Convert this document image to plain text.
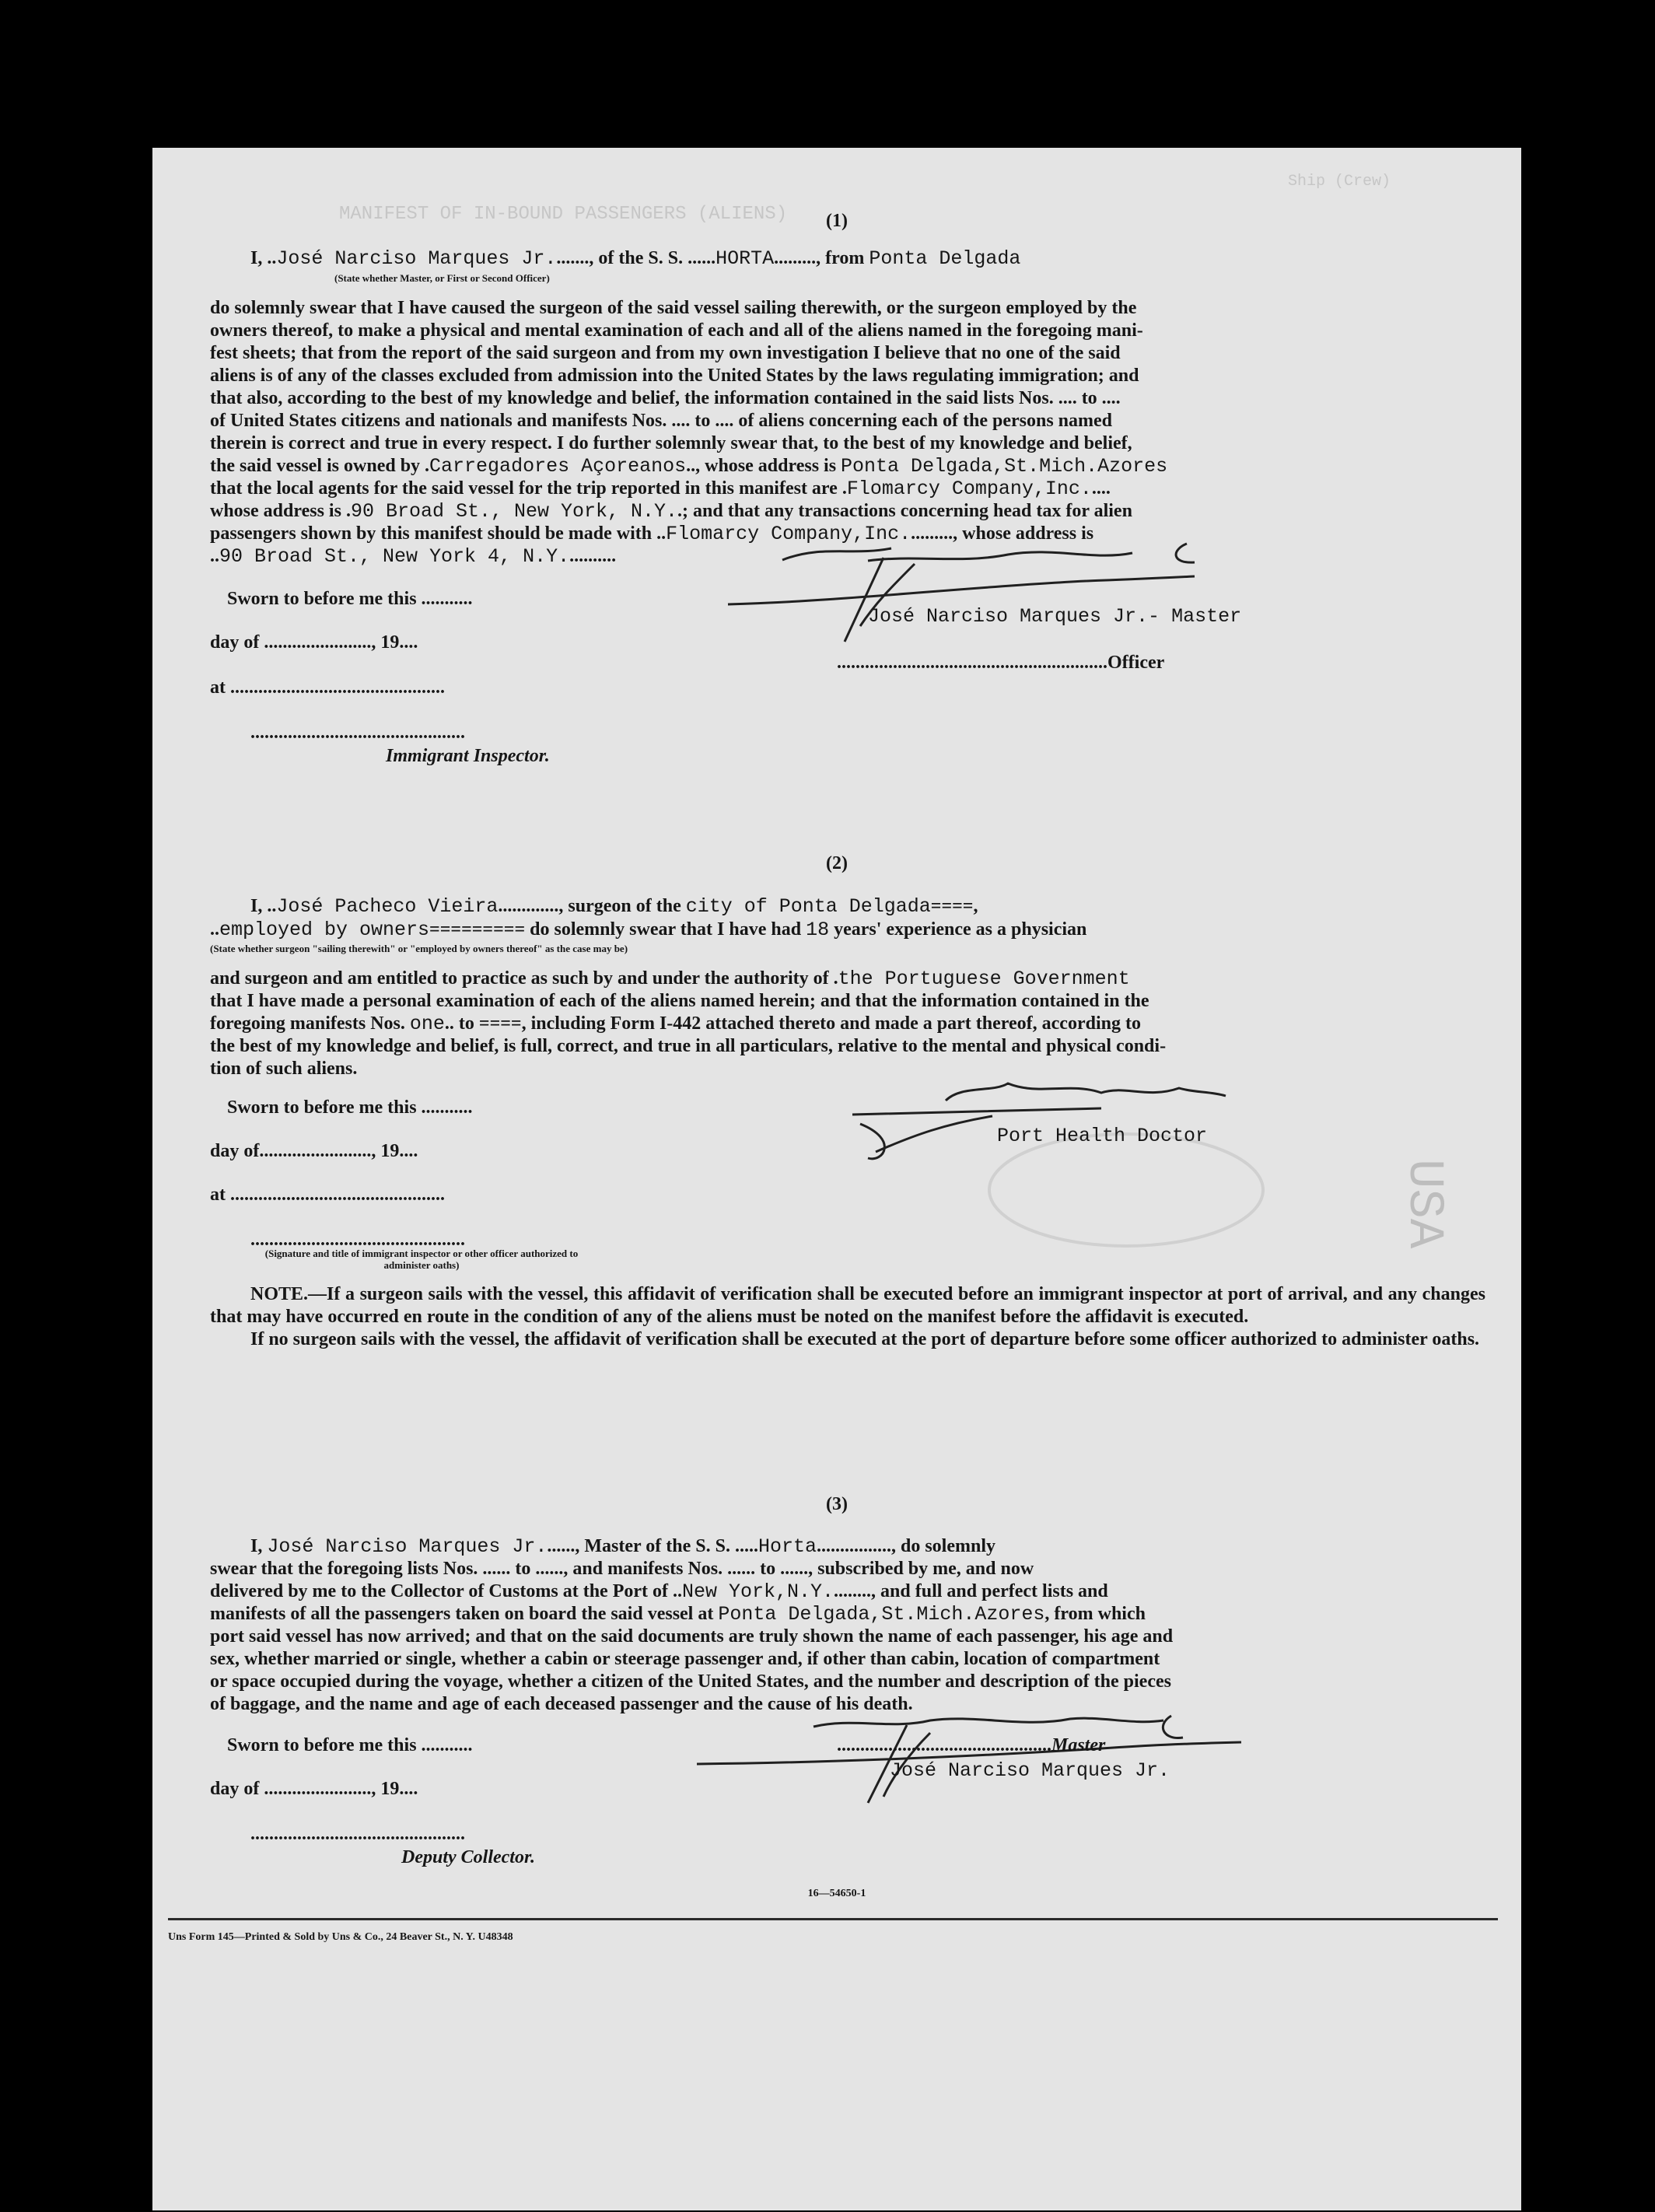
MANIFEST OF IN-BOUND PASSENGERS (ALIENS)
Ship (Crew)
USA
(1)
I, ..José Narciso Marques Jr........, of the S. S. ......HORTA........., from Ponta Delgada
(State whether Master, or First or Second Officer)

do solemnly swear that I have caused the surgeon of the said vessel sailing therewith, or the surgeon employed by the

owners thereof, to make a physical and mental examination of each and all of the aliens named in the foregoing mani-

fest sheets; that from the report of the said surgeon and from my own investigation I believe that no one of the said

aliens is of any of the classes excluded from admission into the United States by the laws regulating immigration; and

that also, according to the best of my knowledge and belief, the information contained in the said lists Nos. .... to ....

of United States citizens and nationals and manifests Nos. .... to .... of aliens concerning each of the persons named

therein is correct and true in every respect. I do further solemnly swear that, to the best of my knowledge and belief,

the said vessel is owned by .Carregadores Açoreanos.., whose address is Ponta Delgada,St.Mich.Azores
that the local agents for the said vessel for the trip reported in this manifest are .Flomarcy Company,Inc.....
whose address is .90 Broad St., New York, N.Y..; and that any transactions concerning head tax for alien
passengers shown by this manifest should be made with ..Flomarcy Company,Inc.........., whose address is
..90 Broad St., New York 4, N.Y...........
Sworn to before me this ...........
day of ......................., 19....
at ..............................................
..............................................
Immigrant Inspector.
José Narciso Marques Jr.- Master
..........................................................Officer
(2)
I, ..José Pacheco Vieira............., surgeon of the city of Ponta Delgada====,
..employed by owners========= do solemnly swear that I have had 18 years' experience as a physician
(State whether surgeon "sailing therewith" or "employed by owners thereof" as the case may be)
and surgeon and am entitled to practice as such by and under the authority of .the Portuguese Government
that I have made a personal examination of each of the aliens named herein; and that the information contained in the
foregoing manifests Nos. one.. to ====, including Form I-442 attached thereto and made a part thereof, according to
the best of my knowledge and belief, is full, correct, and true in all particulars, relative to the mental and physical condi-
tion of such aliens.
Sworn to before me this ...........
day of........................, 19....
at ..............................................
..............................................
(Signature and title of immigrant inspector or other officer authorized to administer oaths)
Port Health Doctor

NOTE.—If a surgeon sails with the vessel, this affidavit of verification shall be executed before an immigrant inspector at port of arrival, and any changes that may have occurred en route in the condition of any of the aliens must be noted on the manifest before the affidavit is executed.

If no surgeon sails with the vessel, the affidavit of verification shall be executed at the port of departure before some officer authorized to administer oaths.

(3)
I, José Narciso Marques Jr......., Master of the S. S. .....Horta................, do solemnly
swear that the foregoing lists Nos. ...... to ......, and manifests Nos. ...... to ......, subscribed by me, and now
delivered by me to the Collector of Customs at the Port of ..New York,N.Y........., and full and perfect lists and
manifests of all the passengers taken on board the said vessel at Ponta Delgada,St.Mich.Azores, from which
port said vessel has now arrived; and that on the said documents are truly shown the name of each passenger, his age and
sex, whether married or single, whether a cabin or steerage passenger and, if other than cabin, location of compartment
or space occupied during the voyage, whether a citizen of the United States, and the number and description of the pieces
of baggage, and the name and age of each deceased passenger and the cause of his death.
Sworn to before me this ...........
day of ......................., 19....
..............................................
Deputy Collector.
..............................................Master
José Narciso Marques Jr.
16—54650-1
Uns Form 145—Printed & Sold by Uns & Co., 24 Beaver St., N. Y. U48348
